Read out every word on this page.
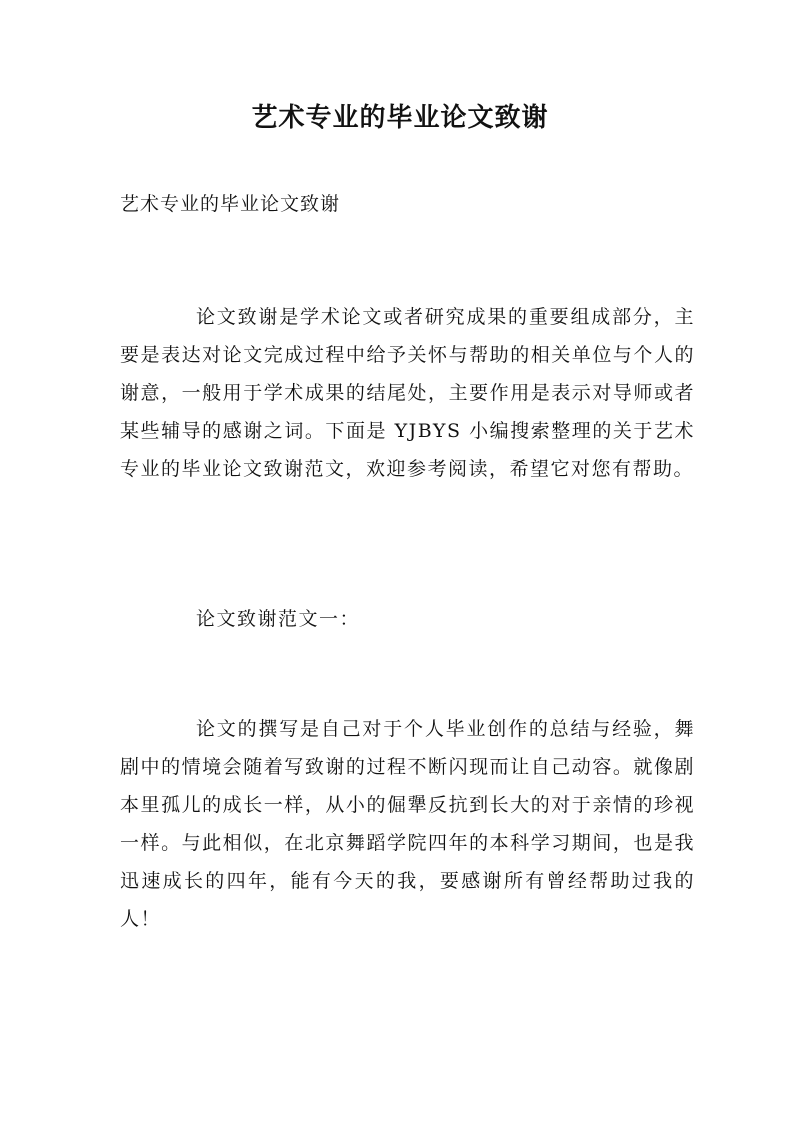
艺术专业的毕业论文致谢

艺术专业的毕业论文致谢

论文致谢是学术论文或者研究成果的重要组成部分，主要是表达对论文完成过程中给予关怀与帮助的相关单位与个人的谢意，一般用于学术成果的结尾处，主要作用是表示对导师或者某些辅导的感谢之词。下面是 YJBYS 小编搜索整理的关于艺术专业的毕业论文致谢范文，欢迎参考阅读，希望它对您有帮助。

论文致谢范文一：

论文的撰写是自己对于个人毕业创作的总结与经验，舞剧中的情境会随着写致谢的过程不断闪现而让自己动容。就像剧本里孤儿的成长一样，从小的倔犟反抗到长大的对于亲情的珍视一样。与此相似，在北京舞蹈学院四年的本科学习期间，也是我迅速成长的四年，能有今天的我，要感谢所有曾经帮助过我的人！
